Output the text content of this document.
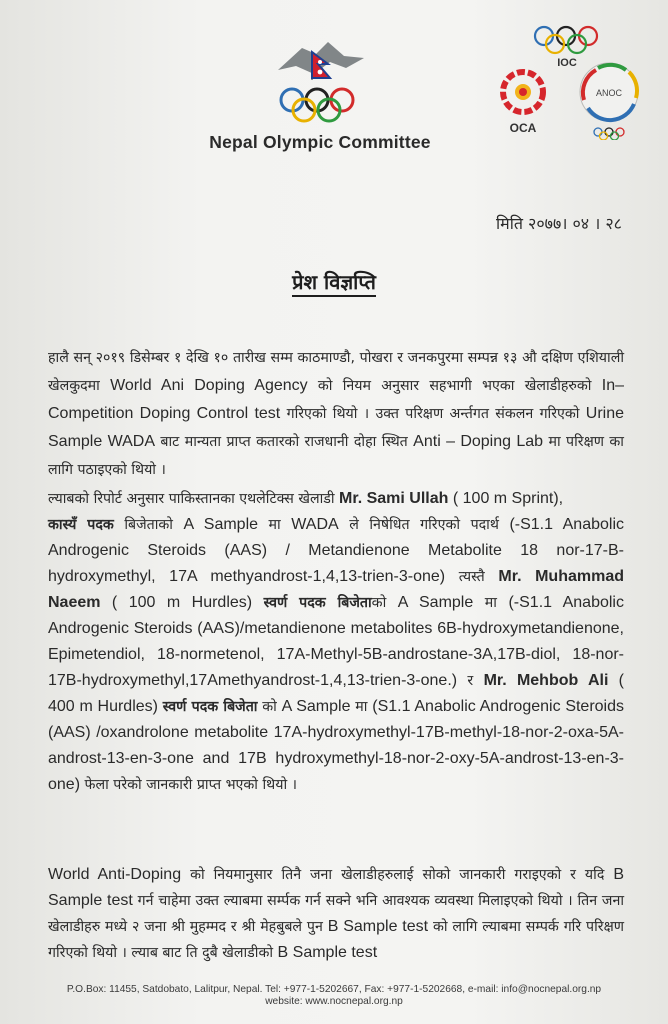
Nepal Olympic Committee
IOC
OCA
ANOC
मिति २०७७। ०४ । २८
प्रेश विज्ञप्ति
हालै सन् २०१९ डिसेम्बर १ देखि १० तारीख सम्म काठमाण्डौ, पोखरा र जनकपुरमा सम्पन्न १३ औ दक्षिण एशियाली खेलकुदमा World Ani Doping Agency को नियम अनुसार सहभागी भएका खेलाडीहरुको In– Competition Doping Control test गरिएको थियो । उक्त परिक्षण अर्न्तगत संकलन गरिएको Urine Sample WADA बाट मान्यता प्राप्त कतारको राजधानी दोहा स्थित Anti – Doping Lab मा परिक्षण का लागि पठाइएको थियो ।
ल्याबको रिपोर्ट अनुसार पाकिस्तानका एथलेटिक्स खेलाडी Mr. Sami Ullah ( 100 m Sprint),
कास्यँ पदक बिजेताको A Sample मा WADA ले निषेधित गरिएको पदार्थ (-S1.1 Anabolic Androgenic Steroids (AAS) / Metandienone Metabolite 18 nor-17-B-hydroxymethyl, 17A methyandrost-1,4,13-trien-3-one) त्यस्तै Mr. Muhammad Naeem ( 100 m Hurdles) स्वर्ण पदक बिजेताको A Sample मा (-S1.1 Anabolic Androgenic Steroids (AAS)/metandienone metabolites 6B-hydroxymetandienone, Epimetendiol, 18-normetenol, 17A-Methyl-5B-androstane-3A,17B-diol, 18-nor-17B-hydroxymethyl,17Amethyandrost-1,4,13-trien-3-one.) र Mr. Mehbob Ali ( 400 m Hurdles) स्वर्ण पदक बिजेता को A Sample मा (S1.1 Anabolic Androgenic Steroids (AAS) /oxandrolone metabolite 17A-hydroxymethyl-17B-methyl-18-nor-2-oxa-5A-androst-13-en-3-one and 17B hydroxymethyl-18-nor-2-oxy-5A-androst-13-en-3-one) फेला परेको जानकारी प्राप्त भएको थियो ।
World Anti-Doping को नियमानुसार तिनै जना खेलाडीहरुलाई सोको जानकारी गराइएको र यदि B Sample test गर्न चाहेमा उक्त ल्याबमा सर्म्पक गर्न सक्ने भनि आवश्यक व्यवस्था मिलाइएको थियो । तिन जना खेलाडीहरु मध्ये २ जना श्री मुहम्मद र श्री मेहबुबले पुन B Sample test को लागि ल्याबमा सम्पर्क गरि परिक्षण गरिएको थियो । ल्याब बाट ति दुबै खेलाडीको B Sample test
P.O.Box: 11455, Satdobato, Lalitpur, Nepal. Tel: +977-1-5202667, Fax: +977-1-5202668, e-mail: info@nocnepal.org.np
website: www.nocnepal.org.np
